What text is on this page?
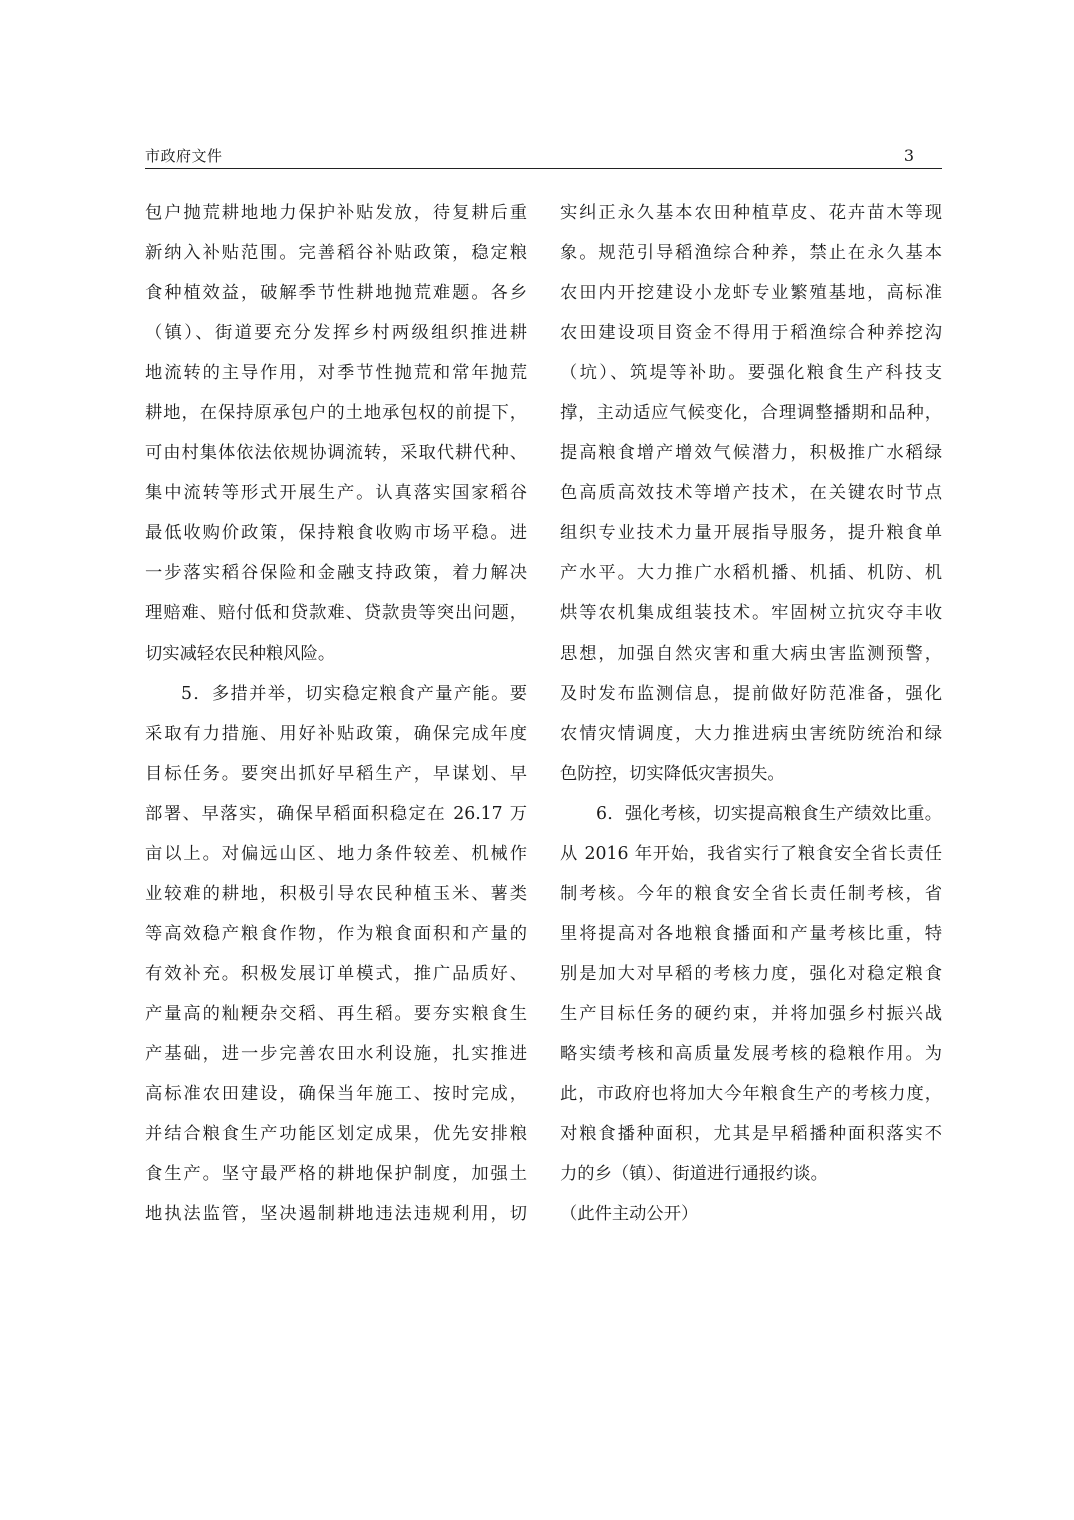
市政府文件	3
包户抛荒耕地地力保护补贴发放，待复耕后重
新纳入补贴范围。完善稻谷补贴政策，稳定粮
食种植效益，破解季节性耕地抛荒难题。各乡
（镇）、街道要充分发挥乡村两级组织推进耕
地流转的主导作用，对季节性抛荒和常年抛荒
耕地，在保持原承包户的土地承包权的前提下，
可由村集体依法依规协调流转，采取代耕代种、
集中流转等形式开展生产。认真落实国家稻谷
最低收购价政策，保持粮食收购市场平稳。进
一步落实稻谷保险和金融支持政策，着力解决
理赔难、赔付低和贷款难、贷款贵等突出问题，
切实减轻农民种粮风险。
5．多措并举，切实稳定粮食产量产能。要
采取有力措施、用好补贴政策，确保完成年度
目标任务。要突出抓好早稻生产，早谋划、早
部署、早落实，确保早稻面积稳定在 26.17 万
亩以上。对偏远山区、地力条件较差、机械作
业较难的耕地，积极引导农民种植玉米、薯类
等高效稳产粮食作物，作为粮食面积和产量的
有效补充。积极发展订单模式，推广品质好、
产量高的籼粳杂交稻、再生稻。要夯实粮食生
产基础，进一步完善农田水利设施，扎实推进
高标准农田建设，确保当年施工、按时完成，
并结合粮食生产功能区划定成果，优先安排粮
食生产。坚守最严格的耕地保护制度，加强土
地执法监管，坚决遏制耕地违法违规利用，切
实纠正永久基本农田种植草皮、花卉苗木等现
象。规范引导稻渔综合种养，禁止在永久基本
农田内开挖建设小龙虾专业繁殖基地，高标准
农田建设项目资金不得用于稻渔综合种养挖沟
（坑）、筑堤等补助。要强化粮食生产科技支
撑，主动适应气候变化，合理调整播期和品种，
提高粮食增产增效气候潜力，积极推广水稻绿
色高质高效技术等增产技术，在关键农时节点
组织专业技术力量开展指导服务，提升粮食单
产水平。大力推广水稻机播、机插、机防、机
烘等农机集成组装技术。牢固树立抗灾夺丰收
思想，加强自然灾害和重大病虫害监测预警，
及时发布监测信息，提前做好防范准备，强化
农情灾情调度，大力推进病虫害统防统治和绿
色防控，切实降低灾害损失。
6．强化考核，切实提高粮食生产绩效比重。
从 2016 年开始，我省实行了粮食安全省长责任
制考核。今年的粮食安全省长责任制考核，省
里将提高对各地粮食播面和产量考核比重，特
别是加大对早稻的考核力度，强化对稳定粮食
生产目标任务的硬约束，并将加强乡村振兴战
略实绩考核和高质量发展考核的稳粮作用。为
此，市政府也将加大今年粮食生产的考核力度，
对粮食播种面积，尤其是早稻播种面积落实不
力的乡（镇）、街道进行通报约谈。
（此件主动公开）
